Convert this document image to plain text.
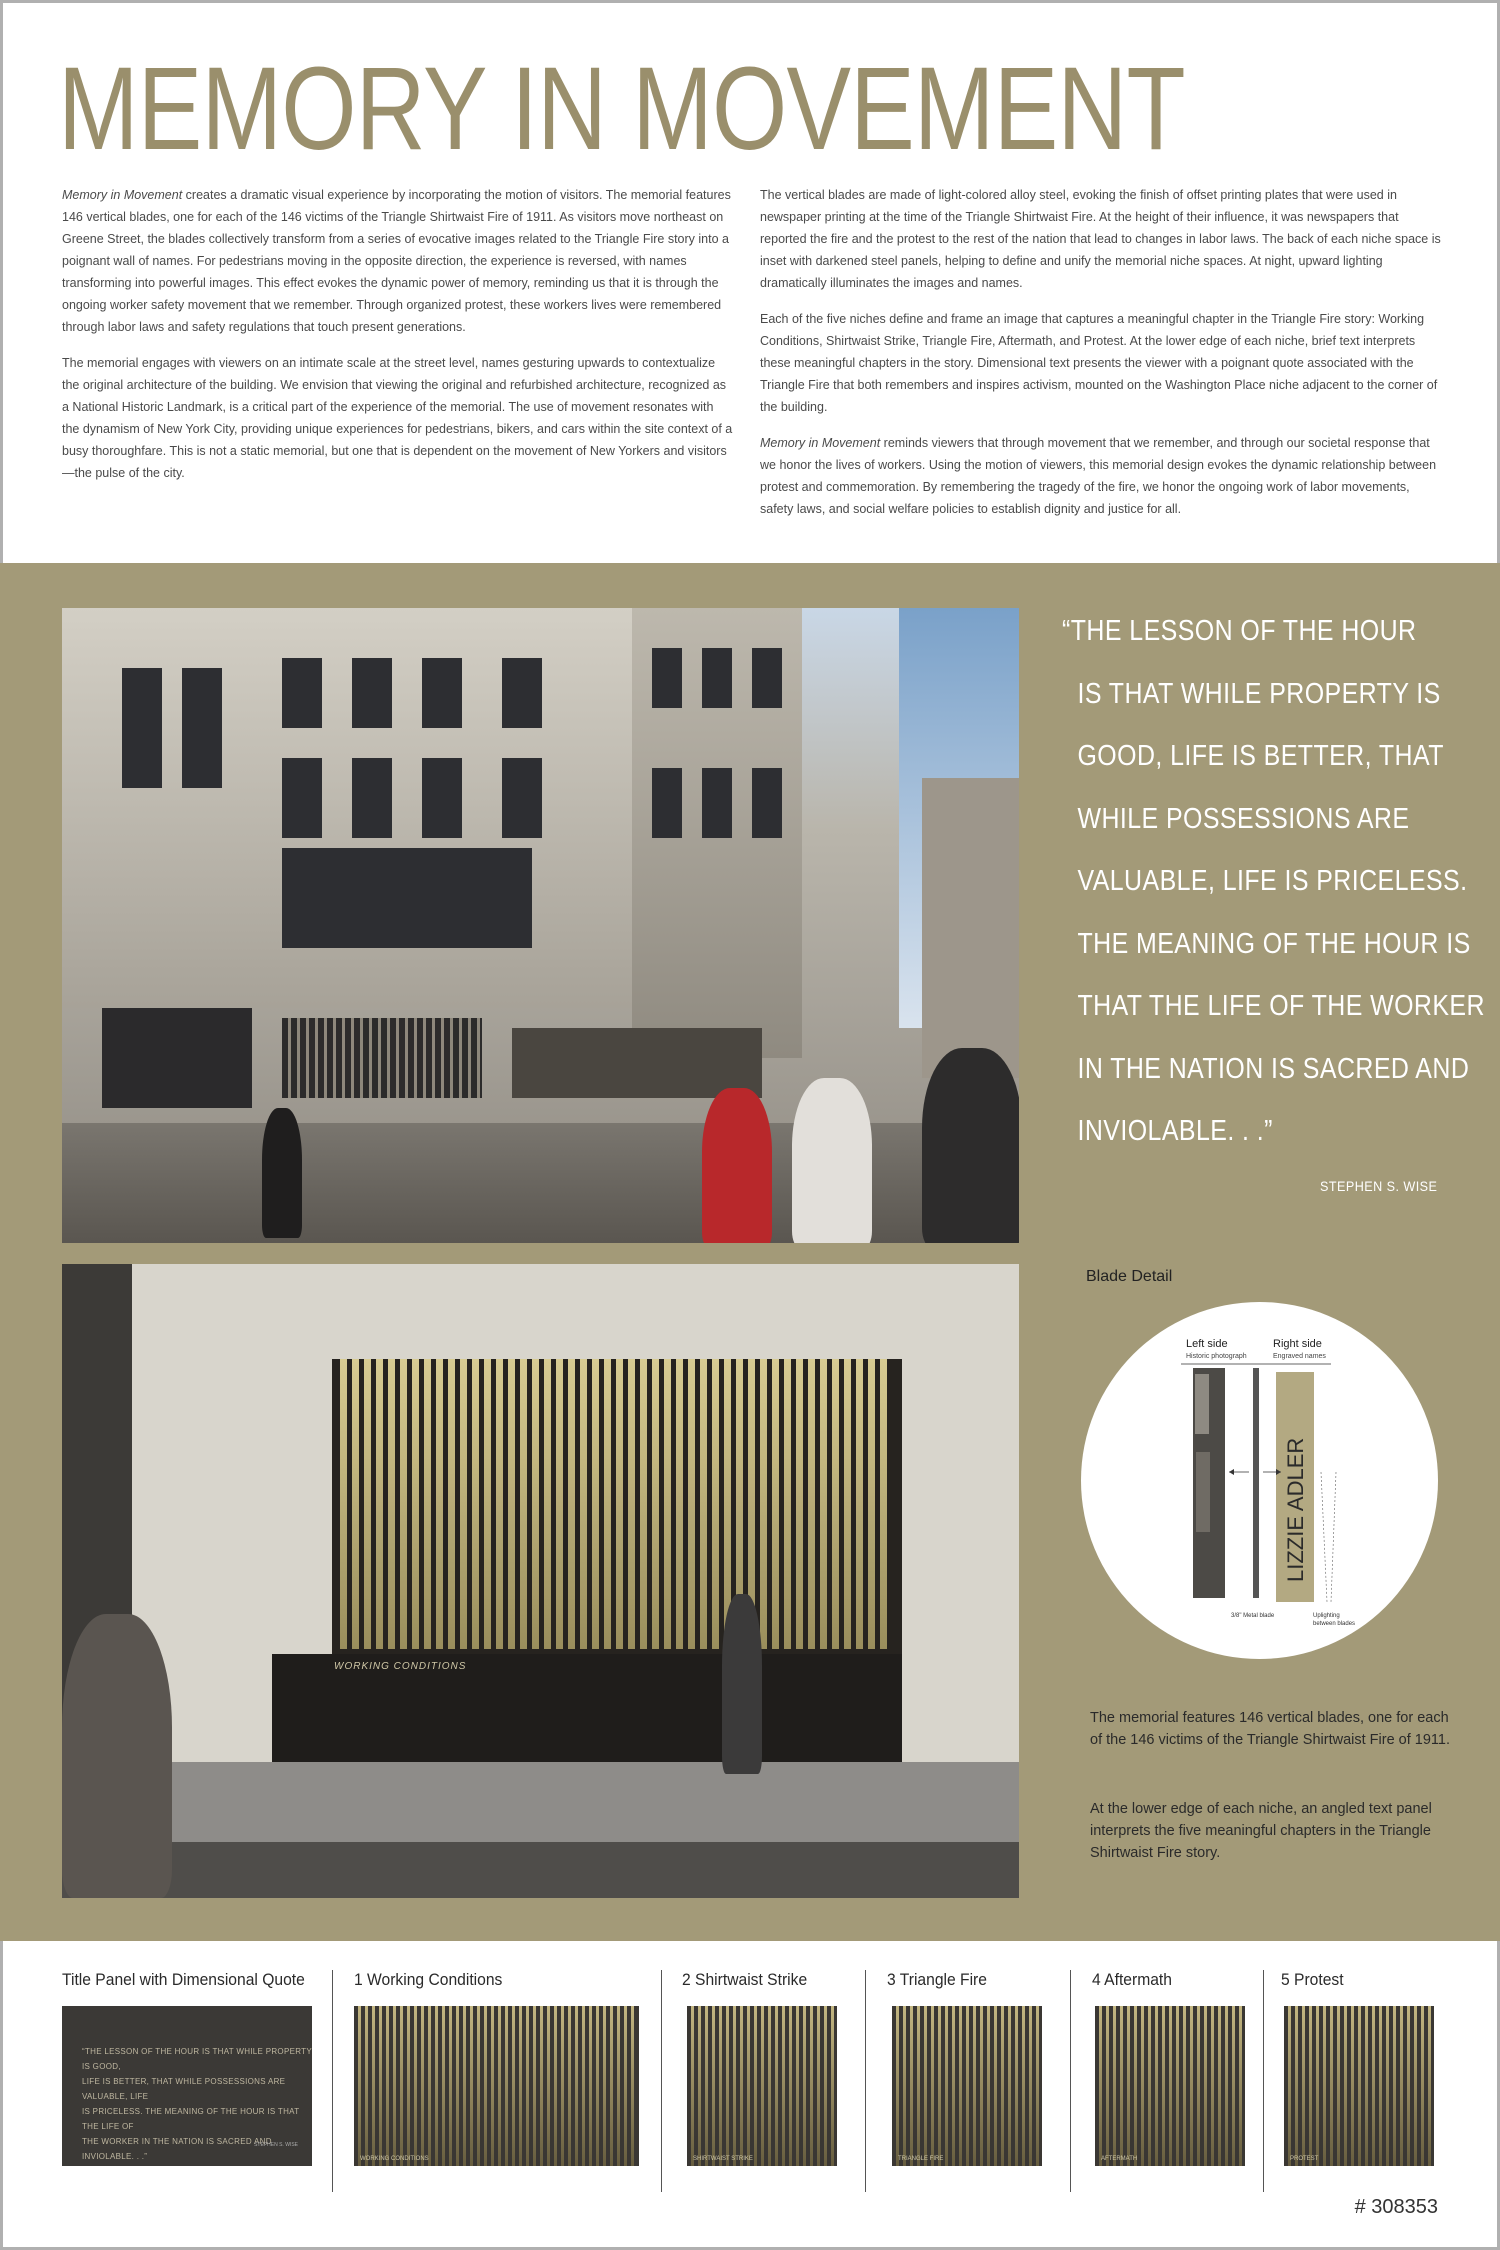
MEMORY IN MOVEMENT

Memory in Movement creates a dramatic visual experience by incorporating the motion of visitors. The memorial features 146 vertical blades, one for each of the 146 victims of the Triangle Shirtwaist Fire of 1911. As visitors move northeast on Greene Street, the blades collectively transform from a series of evocative images related to the Triangle Fire story into a poignant wall of names. For pedestrians moving in the opposite direction, the experience is reversed, with names transforming into powerful images. This effect evokes the dynamic power of memory, reminding us that it is through the ongoing worker safety movement that we remember. Through organized protest, these workers lives were remembered through labor laws and safety regulations that touch present generations.

The memorial engages with viewers on an intimate scale at the street level, names gesturing upwards to contextualize the original architecture of the building. We envision that viewing the original and refurbished architecture, recognized as a National Historic Landmark, is a critical part of the experience of the memorial. The use of movement resonates with the dynamism of New York City, providing unique experiences for pedestrians, bikers, and cars within the site context of a busy thoroughfare. This is not a static memorial, but one that is dependent on the movement of New Yorkers and visitors—the pulse of the city.

The vertical blades are made of light-colored alloy steel, evoking the finish of offset printing plates that were used in newspaper printing at the time of the Triangle Shirtwaist Fire. At the height of their influence, it was newspapers that reported the fire and the protest to the rest of the nation that lead to changes in labor laws. The back of each niche space is inset with darkened steel panels, helping to define and unify the memorial niche spaces. At night, upward lighting dramatically illuminates the images and names.

Each of the five niches define and frame an image that captures a meaningful chapter in the Triangle Fire story: Working Conditions, Shirtwaist Strike, Triangle Fire, Aftermath, and Protest. At the lower edge of each niche, brief text interprets these meaningful chapters in the story. Dimensional text presents the viewer with a poignant quote associated with the Triangle Fire that both remembers and inspires activism, mounted on the Washington Place niche adjacent to the corner of the building.

Memory in Movement reminds viewers that through movement that we remember, and through our societal response that we honor the lives of workers. Using the motion of viewers, this memorial design evokes the dynamic relationship between protest and commemoration. By remembering the tragedy of the fire, we honor the ongoing work of labor movements, safety laws, and social welfare policies to establish dignity and justice for all.

WORKING CONDITIONS
“THE LESSON OF THE HOUR
IS THAT WHILE PROPERTY IS
GOOD, LIFE IS BETTER, THAT
WHILE POSSESSIONS ARE
VALUABLE, LIFE IS PRICELESS.
THE MEANING OF THE HOUR IS
THAT THE LIFE OF THE WORKER
IN THE NATION IS SACRED AND
INVIOLABLE. . .”
STEPHEN S. WISE
Blade Detail
Left side
Historic photograph
Right side
Engraved names
LIZZIE ADLER
3/8" Metal blade	Uplighting
between blades

The memorial features 146 vertical blades, one for each of the 146 victims of the Triangle Shirtwaist Fire of 1911.

At the lower edge of each niche, an angled text panel interprets the five meaningful chapters in the Triangle Shirtwaist Fire story.

Title Panel with Dimensional Quote
“THE LESSON OF THE HOUR IS THAT WHILE PROPERTY IS GOOD,
LIFE IS BETTER, THAT WHILE POSSESSIONS ARE VALUABLE, LIFE
IS PRICELESS. THE MEANING OF THE HOUR IS THAT THE LIFE OF
THE WORKER IN THE NATION IS SACRED AND INVIOLABLE. . .”
STEPHEN S. WISE
1 Working Conditions
WORKING CONDITIONS
2 Shirtwaist Strike
SHIRTWAIST STRIKE
3 Triangle Fire
TRIANGLE FIRE
4 Aftermath
AFTERMATH
5 Protest
PROTEST
# 308353
